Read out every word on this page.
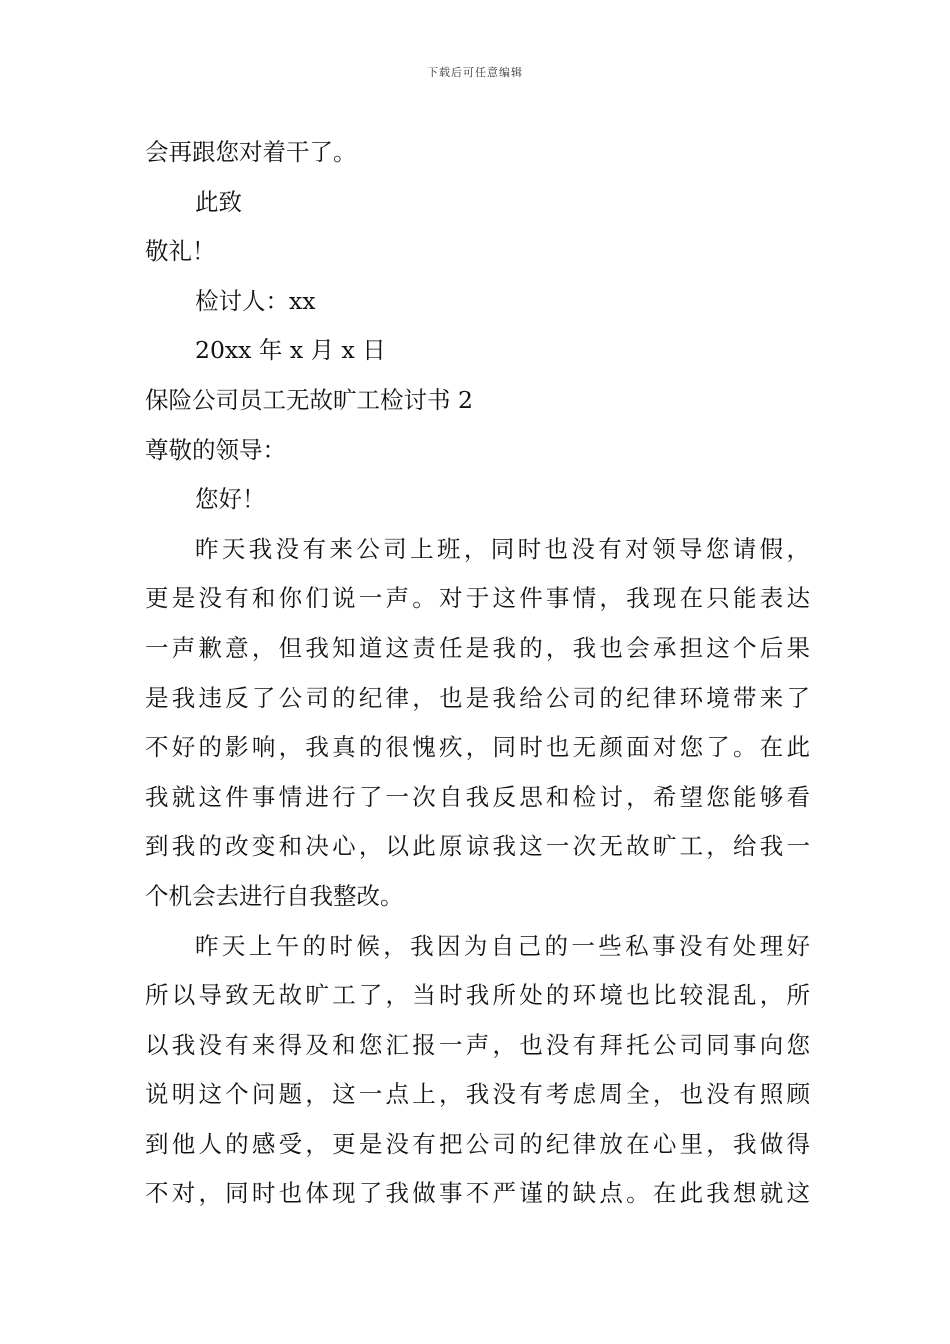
下载后可任意编辑
会再跟您对着干了。
此致
敬礼！
检讨人：xx
20xx 年 x 月 x 日
保险公司员工无故旷工检讨书 2
尊敬的领导：
您好！
昨天我没有来公司上班，同时也没有对领导您请假，
更是没有和你们说一声。对于这件事情，我现在只能表达
一声歉意，但我知道这责任是我的，我也会承担这个后果
是我违反了公司的纪律，也是我给公司的纪律环境带来了
不好的影响，我真的很愧疚，同时也无颜面对您了。在此
我就这件事情进行了一次自我反思和检讨，希望您能够看
到我的改变和决心，以此原谅我这一次无故旷工，给我一
个机会去进行自我整改。
昨天上午的时候，我因为自己的一些私事没有处理好
所以导致无故旷工了，当时我所处的环境也比较混乱，所
以我没有来得及和您汇报一声，也没有拜托公司同事向您
说明这个问题，这一点上，我没有考虑周全，也没有照顾
到他人的感受，更是没有把公司的纪律放在心里，我做得
不对，同时也体现了我做事不严谨的缺点。在此我想就这
